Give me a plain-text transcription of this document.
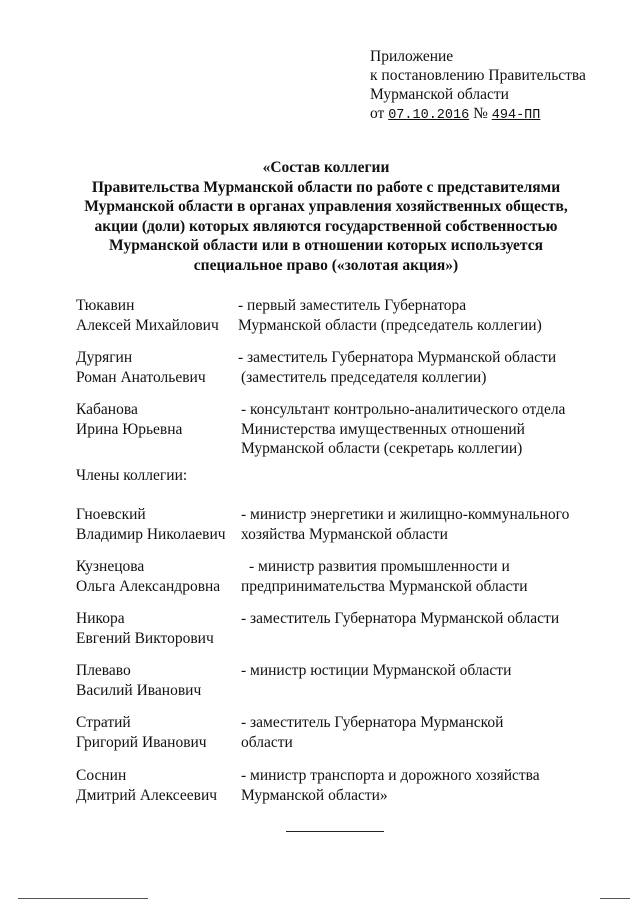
Приложение
к постановлению Правительства
Мурманской области
от 07.10.2016 № 494-ПП
«Состав коллегии
Правительства Мурманской области по работе с представителями
Мурманской области в органах управления хозяйственных обществ,
акции (доли) которых являются государственной собственностью
Мурманской области или в отношении которых используется
специальное право («золотая акция»)
Тюкавин
Алексей Михайлович
- первый заместитель Губернатора
Мурманской области (председатель коллегии)
Дурягин
Роман Анатольевич
- заместитель Губернатора Мурманской области
(заместитель председателя коллегии)
Кабанова
Ирина Юрьевна
- консультант контрольно-аналитического отдела
Министерства имущественных отношений
Мурманской области (секретарь коллегии)
Члены коллегии:
Гноевский
Владимир Николаевич
- министр энергетики и жилищно-коммунального
хозяйства Мурманской области
Кузнецова
Ольга Александровна
- министр развития промышленности и
предпринимательства Мурманской области
Никора
Евгений Викторович
- заместитель Губернатора Мурманской области
Плеваво
Василий Иванович
- министр юстиции Мурманской области
Стратий
Григорий Иванович
- заместитель Губернатора Мурманской
области
Соснин
Дмитрий Алексеевич
- министр транспорта и дорожного хозяйства
Мурманской области»
